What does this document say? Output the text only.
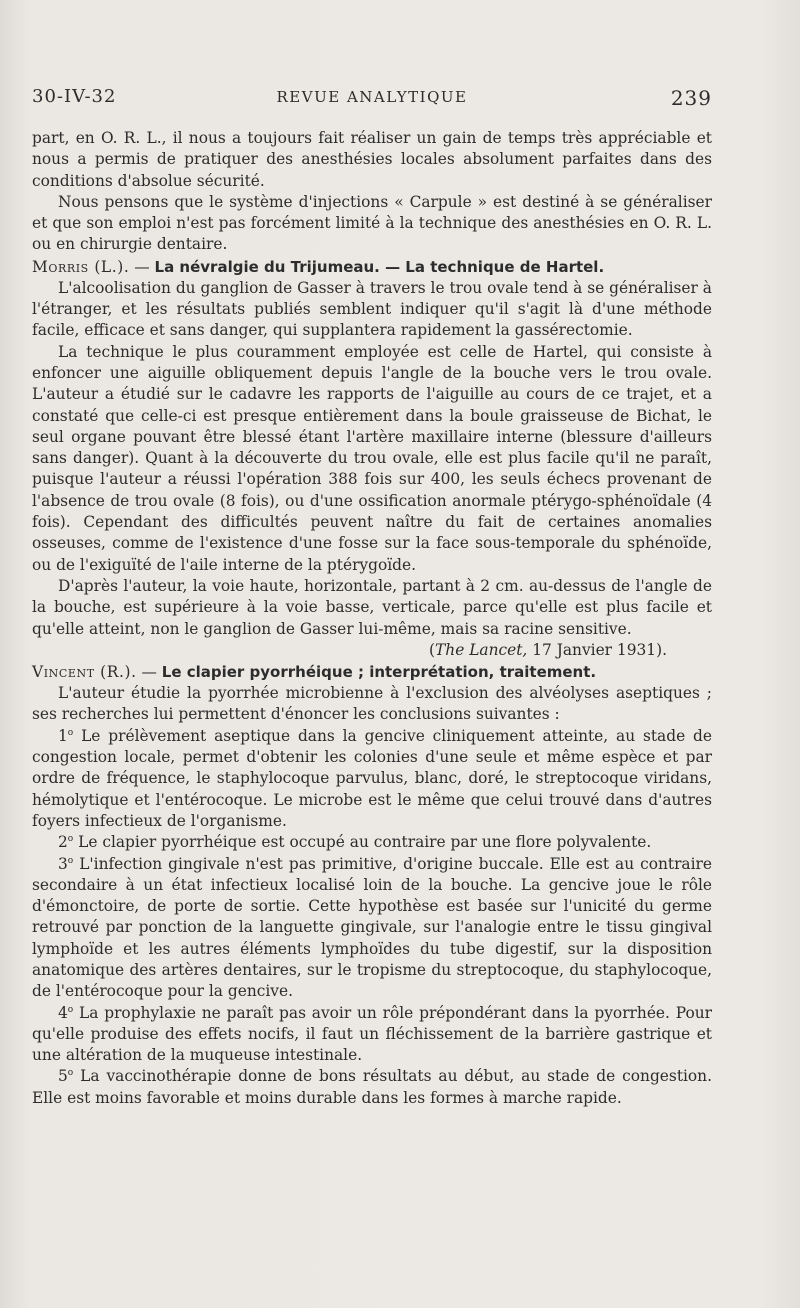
30-IV-32	REVUE ANALYTIQUE	239

part, en O. R. L., il nous a toujours fait réaliser un gain de temps très appréciable et nous a permis de pratiquer des anesthésies locales absolument parfaites dans des conditions d'absolue sécurité.

Nous pensons que le système d'injections « Carpule » est destiné à se généraliser et que son emploi n'est pas forcément limité à la technique des anesthésies en O. R. L. ou en chirurgie dentaire.

Morris (L.). — La névralgie du Trijumeau. — La technique de Hartel.

L'alcoolisation du ganglion de Gasser à travers le trou ovale tend à se généraliser à l'étranger, et les résultats publiés semblent indiquer qu'il s'agit là d'une méthode facile, efficace et sans danger, qui supplantera rapidement la gassérectomie.

La technique le plus couramment employée est celle de Hartel, qui consiste à enfoncer une aiguille obliquement depuis l'angle de la bouche vers le trou ovale. L'auteur a étudié sur le cadavre les rapports de l'aiguille au cours de ce trajet, et a constaté que celle-ci est presque entièrement dans la boule graisseuse de Bichat, le seul organe pouvant être blessé étant l'artère maxillaire interne (blessure d'ailleurs sans danger). Quant à la découverte du trou ovale, elle est plus facile qu'il ne paraît, puisque l'auteur a réussi l'opération 388 fois sur 400, les seuls échecs provenant de l'absence de trou ovale (8 fois), ou d'une ossification anormale ptérygo-sphénoïdale (4 fois). Cependant des difficultés peuvent naître du fait de certaines anomalies osseuses, comme de l'existence d'une fosse sur la face sous-temporale du sphénoïde, ou de l'exiguïté de l'aile interne de la ptérygoïde.

D'après l'auteur, la voie haute, horizontale, partant à 2 cm. au-dessus de l'angle de la bouche, est supérieure à la voie basse, verticale, parce qu'elle est plus facile et qu'elle atteint, non le ganglion de Gasser lui-même, mais sa racine sensitive.

(The Lancet, 17 Janvier 1931).

Vincent (R.). — Le clapier pyorrhéique ; interprétation, traitement.

L'auteur étudie la pyorrhée microbienne à l'exclusion des alvéolyses aseptiques ; ses recherches lui permettent d'énoncer les conclusions suivantes :

1$^o$ Le prélèvement aseptique dans la gencive cliniquement atteinte, au stade de congestion locale, permet d'obtenir les colonies d'une seule et même espèce et par ordre de fréquence, le staphylocoque parvulus, blanc, doré, le streptocoque viridans, hémolytique et l'entérocoque. Le microbe est le même que celui trouvé dans d'autres foyers infectieux de l'organisme.

2$^o$ Le clapier pyorrhéique est occupé au contraire par une flore polyvalente.

3$^o$ L'infection gingivale n'est pas primitive, d'origine buccale. Elle est au contraire secondaire à un état infectieux localisé loin de la bouche. La gencive joue le rôle d'émonctoire, de porte de sortie. Cette hypothèse est basée sur l'unicité du germe retrouvé par ponction de la languette gingivale, sur l'analogie entre le tissu gingival lymphoïde et les autres éléments lymphoïdes du tube digestif, sur la disposition anatomique des artères dentaires, sur le tropisme du streptocoque, du staphylocoque, de l'entérocoque pour la gencive.

4$^o$ La prophylaxie ne paraît pas avoir un rôle prépondérant dans la pyorrhée. Pour qu'elle produise des effets nocifs, il faut un fléchissement de la barrière gastrique et une altération de la muqueuse intestinale.

5$^o$ La vaccinothérapie donne de bons résultats au début, au stade de congestion. Elle est moins favorable et moins durable dans les formes à marche rapide.
